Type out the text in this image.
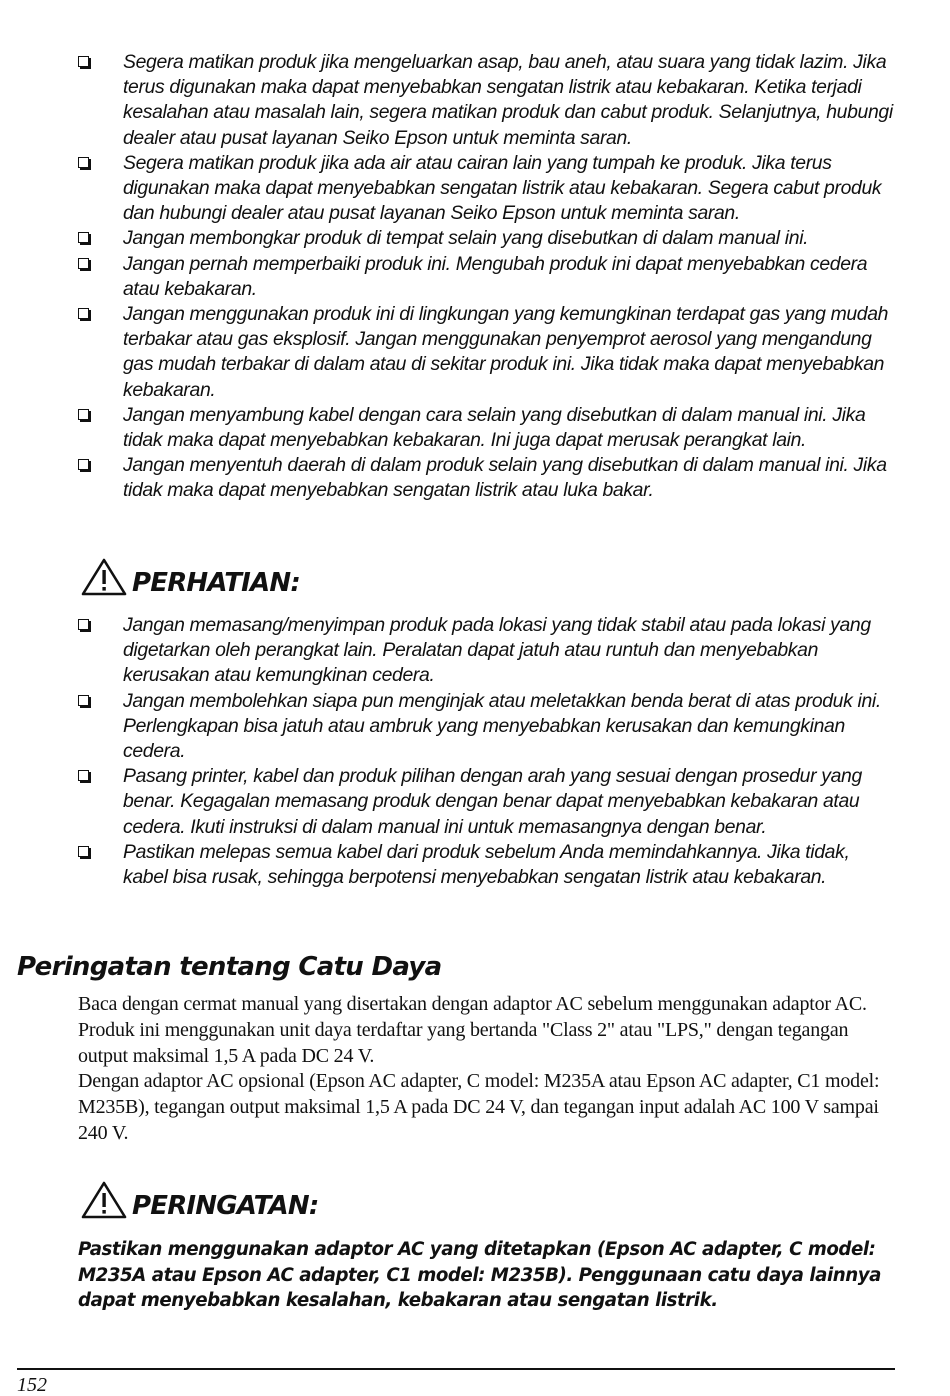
Segera matikan produk jika mengeluarkan asap, bau aneh, atau suara yang tidak lazim. Jika terus digunakan maka dapat menyebabkan sengatan listrik atau kebakaran. Ketika terjadi kesalahan atau masalah lain, segera matikan produk dan cabut produk. Selanjutnya, hubungi dealer atau pusat layanan Seiko Epson untuk meminta saran.
Segera matikan produk jika ada air atau cairan lain yang tumpah ke produk. Jika terus digunakan maka dapat menyebabkan sengatan listrik atau kebakaran. Segera cabut produk dan hubungi dealer atau pusat layanan Seiko Epson untuk meminta saran.
Jangan membongkar produk di tempat selain yang disebutkan di dalam manual ini.
Jangan pernah memperbaiki produk ini. Mengubah produk ini dapat menyebabkan cedera atau kebakaran.
Jangan menggunakan produk ini di lingkungan yang kemungkinan terdapat gas yang mudah terbakar atau gas eksplosif. Jangan menggunakan penyemprot aerosol yang mengandung gas mudah terbakar di dalam atau di sekitar produk ini. Jika tidak maka dapat menyebabkan kebakaran.
Jangan menyambung kabel dengan cara selain yang disebutkan di dalam manual ini. Jika tidak maka dapat menyebabkan kebakaran. Ini juga dapat merusak perangkat lain.
Jangan menyentuh daerah di dalam produk selain yang disebutkan di dalam manual ini. Jika tidak maka dapat menyebabkan sengatan listrik atau luka bakar.
PERHATIAN:
Jangan memasang/menyimpan produk pada lokasi yang tidak stabil atau pada lokasi yang digetarkan oleh perangkat lain. Peralatan dapat jatuh atau runtuh dan menyebabkan kerusakan atau kemungkinan cedera.
Jangan membolehkan siapa pun menginjak atau meletakkan benda berat di atas produk ini. Perlengkapan bisa jatuh atau ambruk yang menyebabkan kerusakan dan kemungkinan cedera.
Pasang printer, kabel dan produk pilihan dengan arah yang sesuai dengan prosedur yang benar. Kegagalan memasang produk dengan benar dapat menyebabkan kebakaran atau cedera. Ikuti instruksi di dalam manual ini untuk memasangnya dengan benar.
Pastikan melepas semua kabel dari produk sebelum Anda memindahkannya. Jika tidak, kabel bisa rusak, sehingga berpotensi menyebabkan sengatan listrik atau kebakaran.
Peringatan tentang Catu Daya

Baca dengan cermat manual yang disertakan dengan adaptor AC sebelum menggunakan adaptor AC.

Produk ini menggunakan unit daya terdaftar yang bertanda "Class 2" atau "LPS," dengan tegangan output maksimal 1,5 A pada DC 24 V.

Dengan adaptor AC opsional (Epson AC adapter, C model: M235A atau Epson AC adapter, C1 model: M235B), tegangan output maksimal 1,5 A pada DC 24 V, dan tegangan input adalah AC 100 V sampai 240 V.

PERINGATAN:

Pastikan menggunakan adaptor AC yang ditetapkan (Epson AC adapter, C model: M235A atau Epson AC adapter, C1 model: M235B). Penggunaan catu daya lainnya dapat menyebabkan kesalahan, kebakaran atau sengatan listrik.

152
